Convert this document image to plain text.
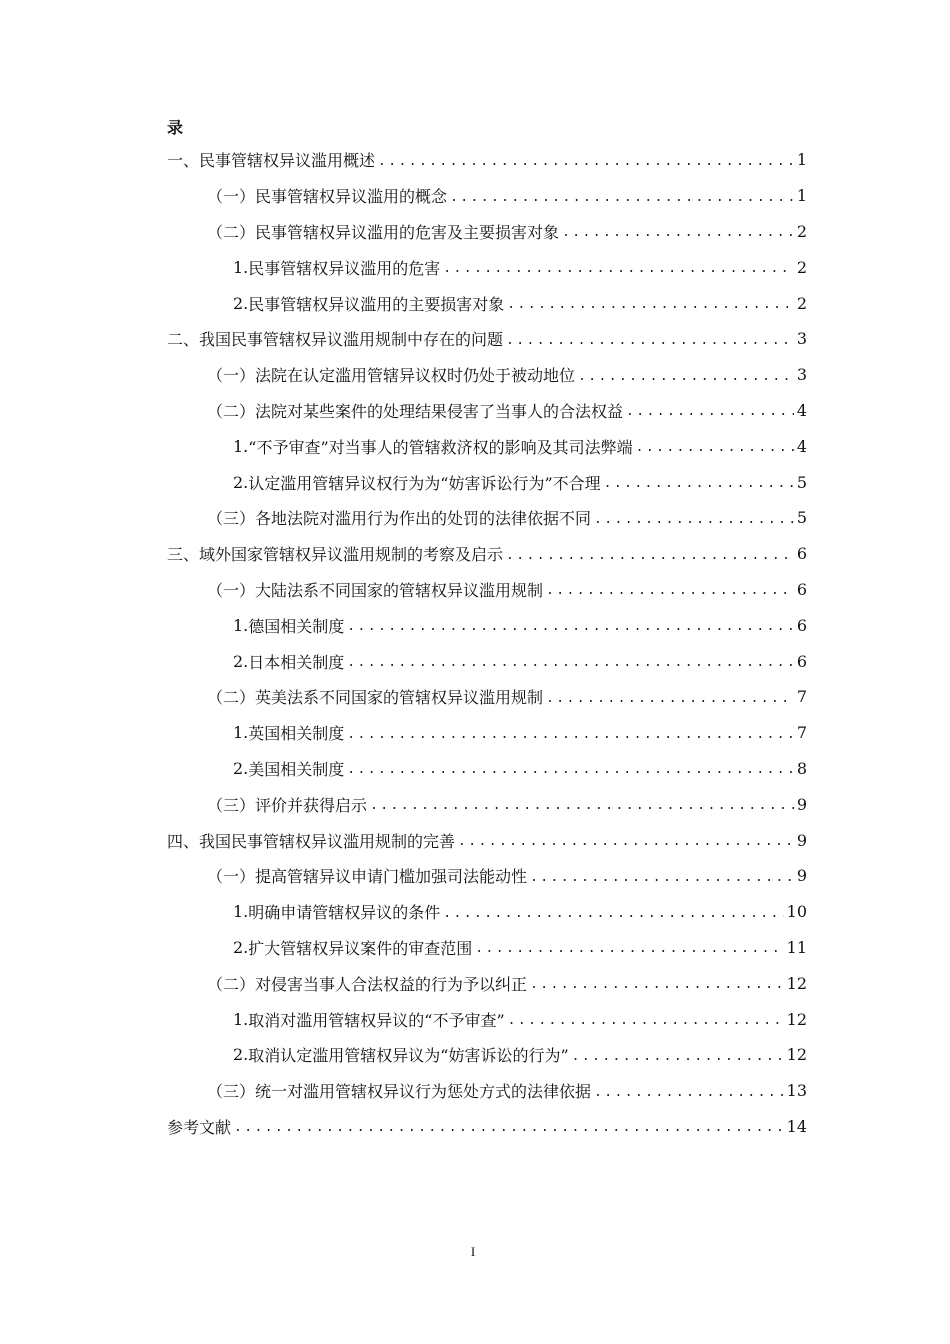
录
一、 民事管辖权异议滥用概述 .....	1
（一） 民事管辖权异议滥用的概念 .....	1
（二） 民事管辖权异议滥用的危害及主要损害对象 .....	2
1. 民事管辖权异议滥用的危害 .....	2
2. 民事管辖权异议滥用的主要损害对象 .....	2
二、 我国民事管辖权异议滥用规制中存在的问题 .....	3
（一） 法院在认定滥用管辖异议权时仍处于被动地位 .....	3
（二） 法院对某些案件的处理结果侵害了当事人的合法权益 .....	4
1. “不予审查”对当事人的管辖救济权的影响及其司法弊端 .....	4
2. 认定滥用管辖异议权行为为“妨害诉讼行为”不合理 .....	5
（三） 各地法院对滥用行为作出的处罚的法律依据不同 .....	5
三、 域外国家管辖权异议滥用规制的考察及启示 .....	6
（一） 大陆法系不同国家的管辖权异议滥用规制 .....	6
1. 德国相关制度 .....	6
2. 日本相关制度 .....	6
（二） 英美法系不同国家的管辖权异议滥用规制 .....	7
1. 英国相关制度 .....	7
2. 美国相关制度 .....	8
（三） 评价并获得启示 .....	9
四、 我国民事管辖权异议滥用规制的完善 .....	9
（一） 提高管辖异议申请门槛加强司法能动性 .....	9
1. 明确申请管辖权异议的条件 .....	10
2. 扩大管辖权异议案件的审查范围 .....	11
（二） 对侵害当事人合法权益的行为予以纠正 .....	12
1. 取消对滥用管辖权异议的“不予审查” .....	12
2. 取消认定滥用管辖权异议为“妨害诉讼的行为” .....	12
（三） 统一对滥用管辖权异议行为惩处方式的法律依据 .....	13
参考文献 .....	14
I
